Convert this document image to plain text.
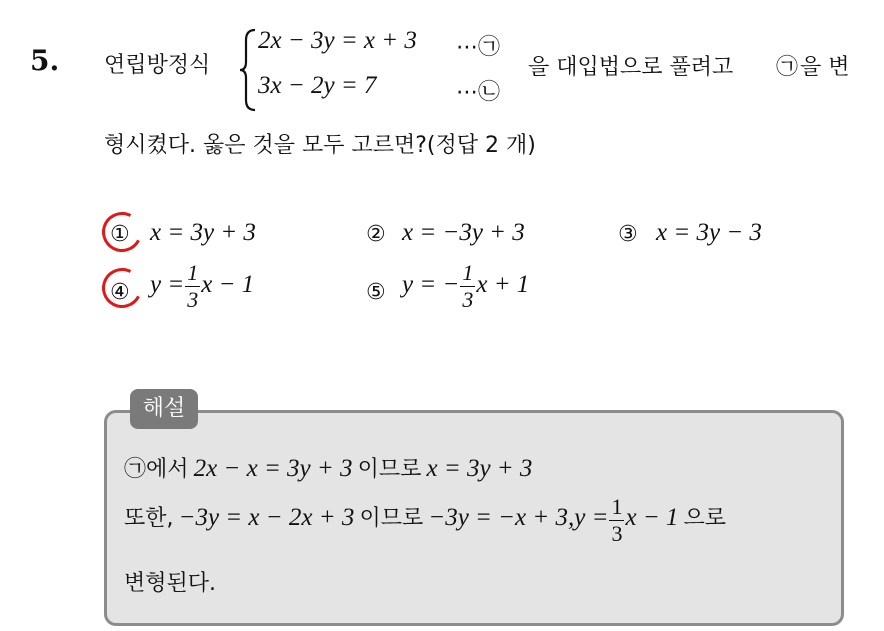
5. 연립방정식
2x − 3y = x + 3 ⋯㉠
3x − 2y = 7	⋯㉡
을 대입법으로 풀려고 ㉠ 을 변
형시켰다. 옳은 것을 모두 고르면?(정답 2 개)
① x = 3y + 3	② x = −3y + 3	③ x = 3y − 3
④ $y = \frac{1}{3}$ x − 1	⑤ y = − $\frac{1}{3}$ x + 1
해설
㉠에서 2x − x = 3y + 3 이므로 x = 3y + 3
또한, −3y = x − 2x + 3 이므로 $-3y = -x + 3,y = \frac{1}{3}$ x − 1 으로
변형된다.
